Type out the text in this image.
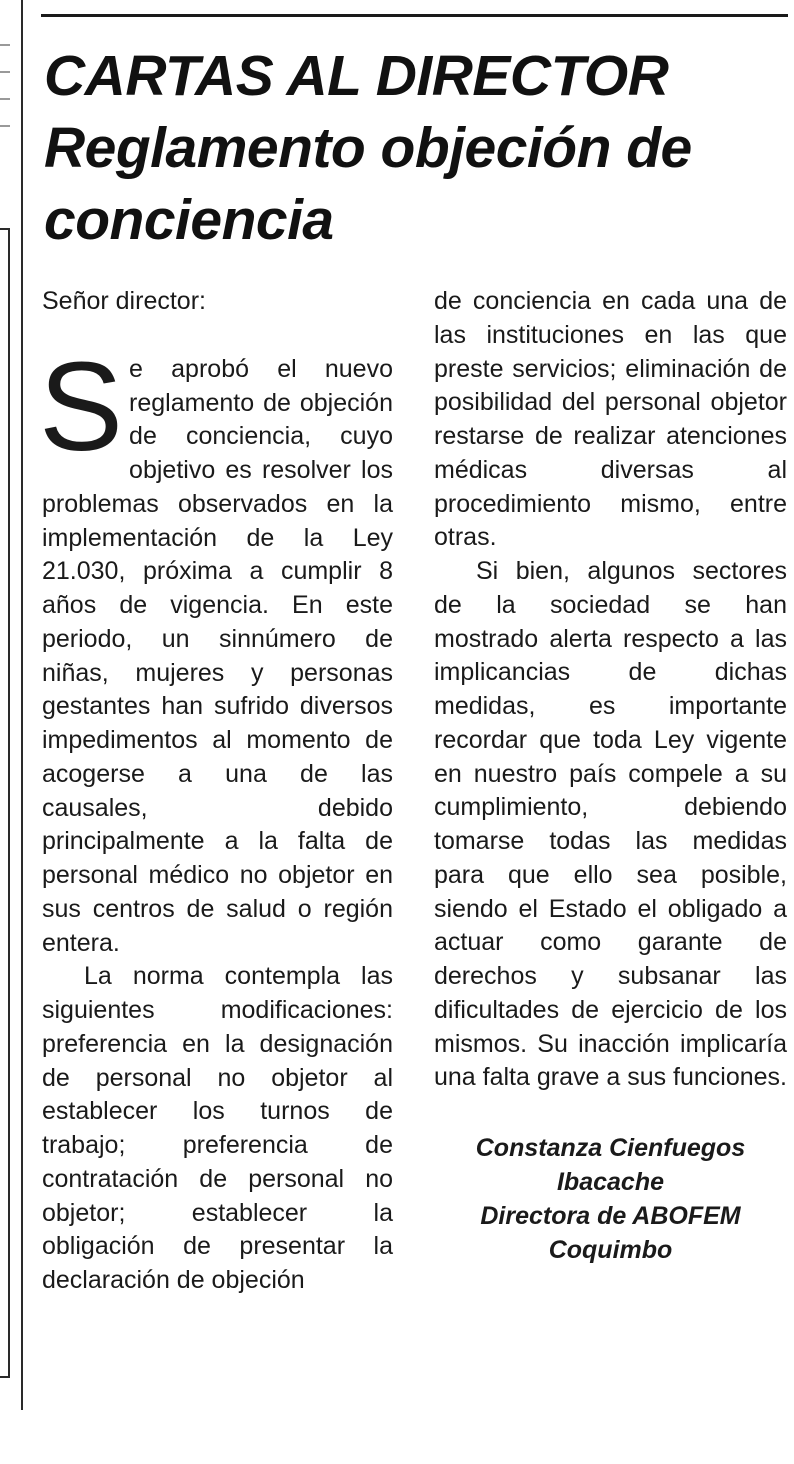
CARTAS AL DIRECTOR
Reglamento objeción de
conciencia

Señor director:

Se aprobó el nuevo reglamento de objeción de conciencia, cuyo objetivo es resolver los problemas observados en la implementación de la Ley 21.030, próxima a cumplir 8 años de vigencia. En este periodo, un sinnúmero de niñas, mujeres y personas gestantes han sufrido diversos impedimentos al momento de acogerse a una de las causales, debido principalmente a la falta de personal médico no objetor en sus centros de salud o región entera.

La norma contempla las siguientes modificaciones: preferencia en la designación de personal no objetor al establecer los turnos de trabajo; preferencia de contratación de personal no objetor; establecer la obligación de presentar la declaración de objeción

de conciencia en cada una de las instituciones en las que preste servicios; eliminación de posibilidad del personal objetor restarse de realizar atenciones médicas diversas al procedimiento mismo, entre otras.

Si bien, algunos sectores de la sociedad se han mostrado alerta respecto a las implicancias de dichas medidas, es importante recordar que toda Ley vigente en nuestro país compele a su cumplimiento, debiendo tomarse todas las medidas para que ello sea posible, siendo el Estado el obligado a actuar como garante de derechos y subsanar las dificultades de ejercicio de los mismos. Su inacción implicaría una falta grave a sus funciones.

Constanza Cienfuegos
Ibacache
Directora de ABOFEM
Coquimbo
